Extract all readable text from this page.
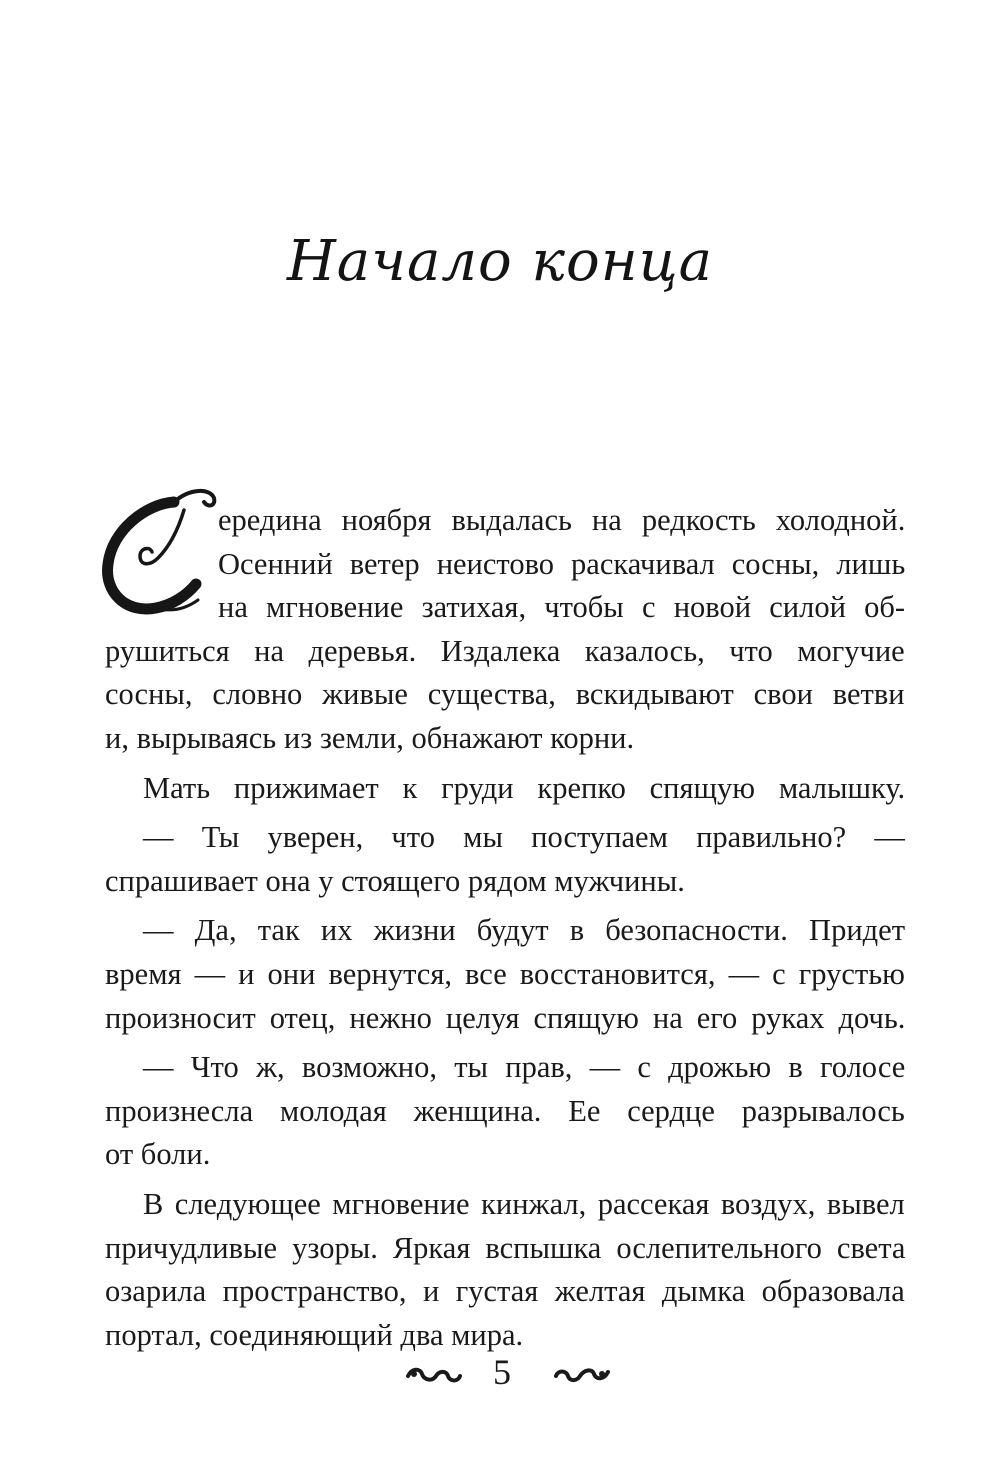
Начало конца
ередина ноября выдалась на редкость холодной.
Осенний ветер неистово раскачивал сосны, лишь
на мгновение затихая, чтобы с новой силой об-
рушиться на деревья. Издалека казалось, что могучие
сосны, словно живые существа, вскидывают свои ветви
и, вырываясь из земли, обнажают корни.
Мать прижимает к груди крепко спящую малышку.
— Ты уверен, что мы поступаем правильно? —
спрашивает она у стоящего рядом мужчины.
— Да, так их жизни будут в безопасности. Придет
время — и они вернутся, все восстановится, — с грустью
произносит отец, нежно целуя спящую на его руках дочь.
— Что ж, возможно, ты прав, — с дрожью в голосе
произнесла молодая женщина. Ее сердце разрывалось
от боли.
В следующее мгновение кинжал, рассекая воздух, вывел
причудливые узоры. Яркая вспышка ослепительного света
озарила пространство, и густая желтая дымка образовала
портал, соединяющий два мира.
5
